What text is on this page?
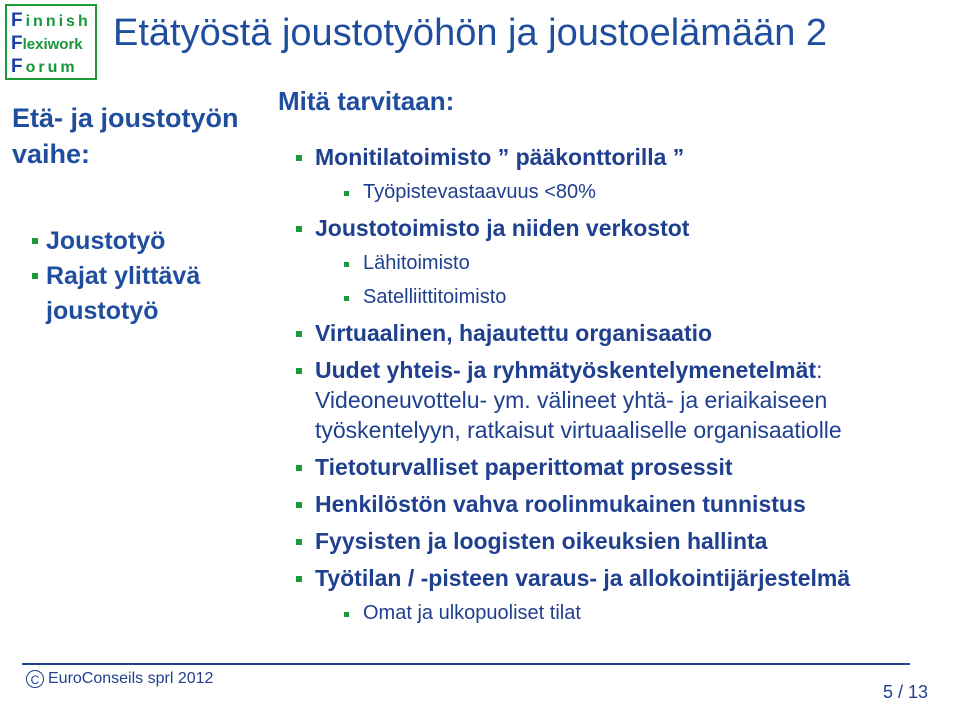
Finnish
Flexiwork
Forum
Etätyöstä joustotyöhön ja joustoelämään 2
Etä- ja joustotyön vaihe:
Joustotyö
Rajat ylittävä joustotyö
Mitä tarvitaan:
Monitilatoimisto ” pääkonttorilla ”
Työpistevastaavuus <80%
Joustotoimisto ja niiden verkostot
Lähitoimisto
Satelliittitoimisto
Virtuaalinen, hajautettu organisaatio
Uudet yhteis- ja ryhmätyöskentelymenetelmät: Videoneuvottelu- ym. välineet yhtä- ja eriaikaiseen työskentelyyn, ratkaisut virtuaaliselle organisaatiolle
Tietoturvalliset paperittomat prosessit
Henkilöstön vahva roolinmukainen tunnistus
Fyysisten ja loogisten oikeuksien hallinta
Työtilan / -pisteen varaus- ja allokointijärjestelmä
Omat ja ulkopuoliset tilat
C EuroConseils sprl 2012
5 / 13
